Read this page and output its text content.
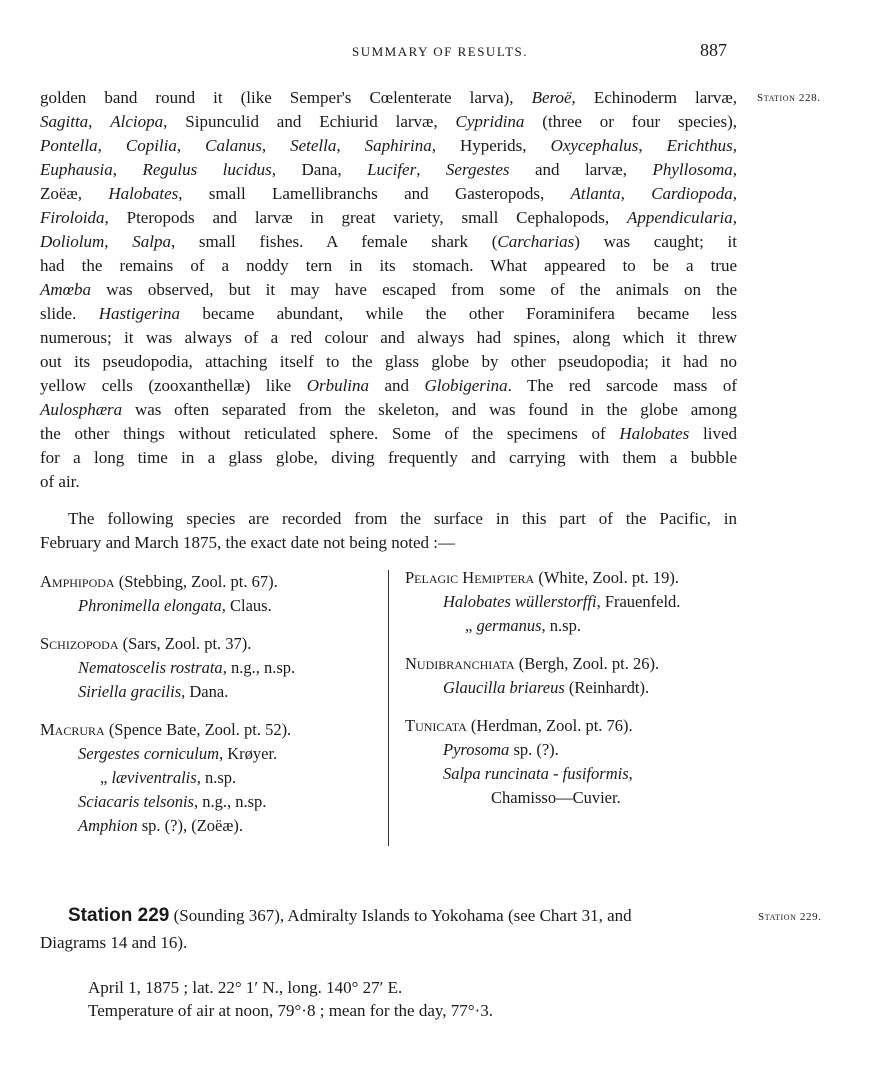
SUMMARY OF RESULTS.	887
Station 228.
golden band round it (like Semper's Cœlenterate larva), Beroë, Echinoderm larvæ,
Sagitta, Alciopa, Sipunculid and Echiurid larvæ, Cypridina (three or four species),
Pontella, Copilia, Calanus, Setella, Saphirina, Hyperids, Oxycephalus, Erichthus,
Euphausia, Regulus lucidus, Dana, Lucifer, Sergestes and larvæ, Phyllosoma,
Zoëæ, Halobates, small Lamellibranchs and Gasteropods, Atlanta, Cardiopoda,
Firoloida, Pteropods and larvæ in great variety, small Cephalopods, Appendicularia,
Doliolum, Salpa, small fishes. A female shark (Carcharias) was caught; it
had the remains of a noddy tern in its stomach. What appeared to be a true
Amœba was observed, but it may have escaped from some of the animals on the
slide. Hastigerina became abundant, while the other Foraminifera became less
numerous; it was always of a red colour and always had spines, along which it threw
out its pseudopodia, attaching itself to the glass globe by other pseudopodia; it had no
yellow cells (zooxanthellæ) like Orbulina and Globigerina. The red sarcode mass of
Aulosphæra was often separated from the skeleton, and was found in the globe among
the other things without reticulated sphere. Some of the specimens of Halobates lived
for a long time in a glass globe, diving frequently and carrying with them a bubble
of air.
The following species are recorded from the surface in this part of the Pacific, in
February and March 1875, the exact date not being noted :—
Amphipoda (Stebbing, Zool. pt. 67).
Phronimella elongata, Claus.
Schizopoda (Sars, Zool. pt. 37).
Nematoscelis rostrata, n.g., n.sp.
Siriella gracilis, Dana.
Macrura (Spence Bate, Zool. pt. 52).
Sergestes corniculum, Krøyer.
„ læviventralis, n.sp.
Sciacaris telsonis, n.g., n.sp.
Amphion sp. (?), (Zoëæ).
Pelagic Hemiptera (White, Zool. pt. 19).
Halobates wüllerstorffi, Frauenfeld.
„ germanus, n.sp.
Nudibranchiata (Bergh, Zool. pt. 26).
Glaucilla briareus (Reinhardt).
Tunicata (Herdman, Zool. pt. 76).
Pyrosoma sp. (?).
Salpa runcinata - fusiformis,
Chamisso—Cuvier.
Station 229 (Sounding 367), Admiralty Islands to Yokohama (see Chart 31, and	Station 229.
Diagrams 14 and 16).
April 1, 1875 ; lat. 22° 1′ N., long. 140° 27′ E.
Temperature of air at noon, 79°·8 ; mean for the day, 77°·3.
